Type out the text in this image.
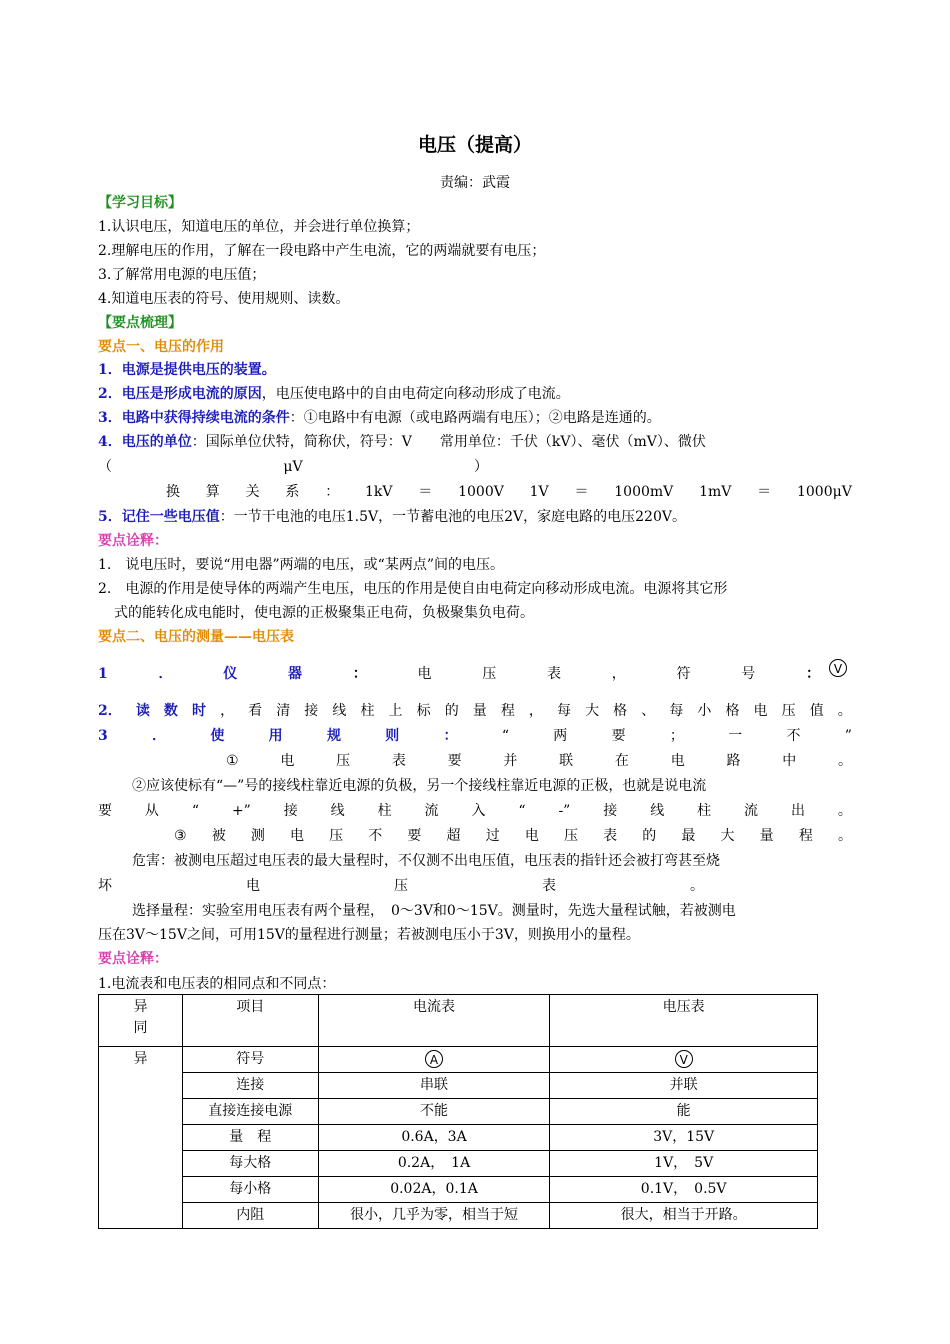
电压（提高）
责编：武霞
【学习目标】
1.认识电压，知道电压的单位，并会进行单位换算；
2.理解电压的作用，了解在一段电路中产生电流，它的两端就要有电压；
3.了解常用电源的电压值；
4.知道电压表的符号、使用规则、读数。
【要点梳理】
要点一、电压的作用
1．电源是提供电压的装置。
2．电压是形成电流的原因，电压使电路中的自由电荷定向移动形成了电流。
3．电路中获得持续电流的条件：①电路中有电源（或电路两端有电压）；②电路是连通的。
4．电压的单位：国际单位伏特，简称伏，符号：V　　常用单位：千伏（kV）、毫伏（mV）、微伏
（	μV	）
换 算 关 系 ： 1kV ＝ 1000V 1V ＝ 1000mV 1mV ＝ 1000μV
5．记住一些电压值：一节干电池的电压1.5V，一节蓄电池的电压2V，家庭电路的电压220V。
要点诠释：
1.　说电压时，要说“用电器”两端的电压，或“某两点”间的电压。
2.　电源的作用是使导体的两端产生电压，电压的作用是使自由电荷定向移动形成电流。电源将其它形
式的能转化成电能时，使电源的正极聚集正电荷，负极聚集负电荷。
要点二、电压的测量——电压表
1	．	仪	器	：	电	压	表	，	符	号	：	V
2． 读 数 时 ， 看 清 接 线 柱 上 标 的 量 程 ， 每 大 格 、 每 小 格 电 压 值 。
3	．	使	用	规	则	：	“	两	要	；	一	不	”
①	电	压	表	要	并	联	在	电	路	中	。
②应该使标有“—”号的接线柱靠近电源的负极，另一个接线柱靠近电源的正极，也就是说电流
要 从 “ +” 接 线 柱 流 入 “ -” 接 线 柱 流 出 。
③ 被 测 电 压 不 要 超 过 电 压 表 的 最 大 量 程 。
危害：被测电压超过电压表的最大量程时，不仅测不出电压值，电压表的指针还会被打弯甚至烧
坏	电	压	表	。
选择量程：实验室用电压表有两个量程，　0～3V和0～15V。测量时，先选大量程试触，若被测电
压在3V～15V之间，可用15V的量程进行测量；若被测电压小于3V，则换用小的量程。
要点诠释：
1.电流表和电压表的相同点和不同点：
异
同	项目	电流表	电压表
异	符号	A	V
	连接	串联	并联
	直接连接电源	不能	能
	量　程	0.6A，3A	3V，15V
	每大格	0.2A，　1A	1V，　5V
	每小格	0.02A，0.1A	0.1V，　0.5V
	内阻	很小，几乎为零，相当于短	很大，相当于开路。
